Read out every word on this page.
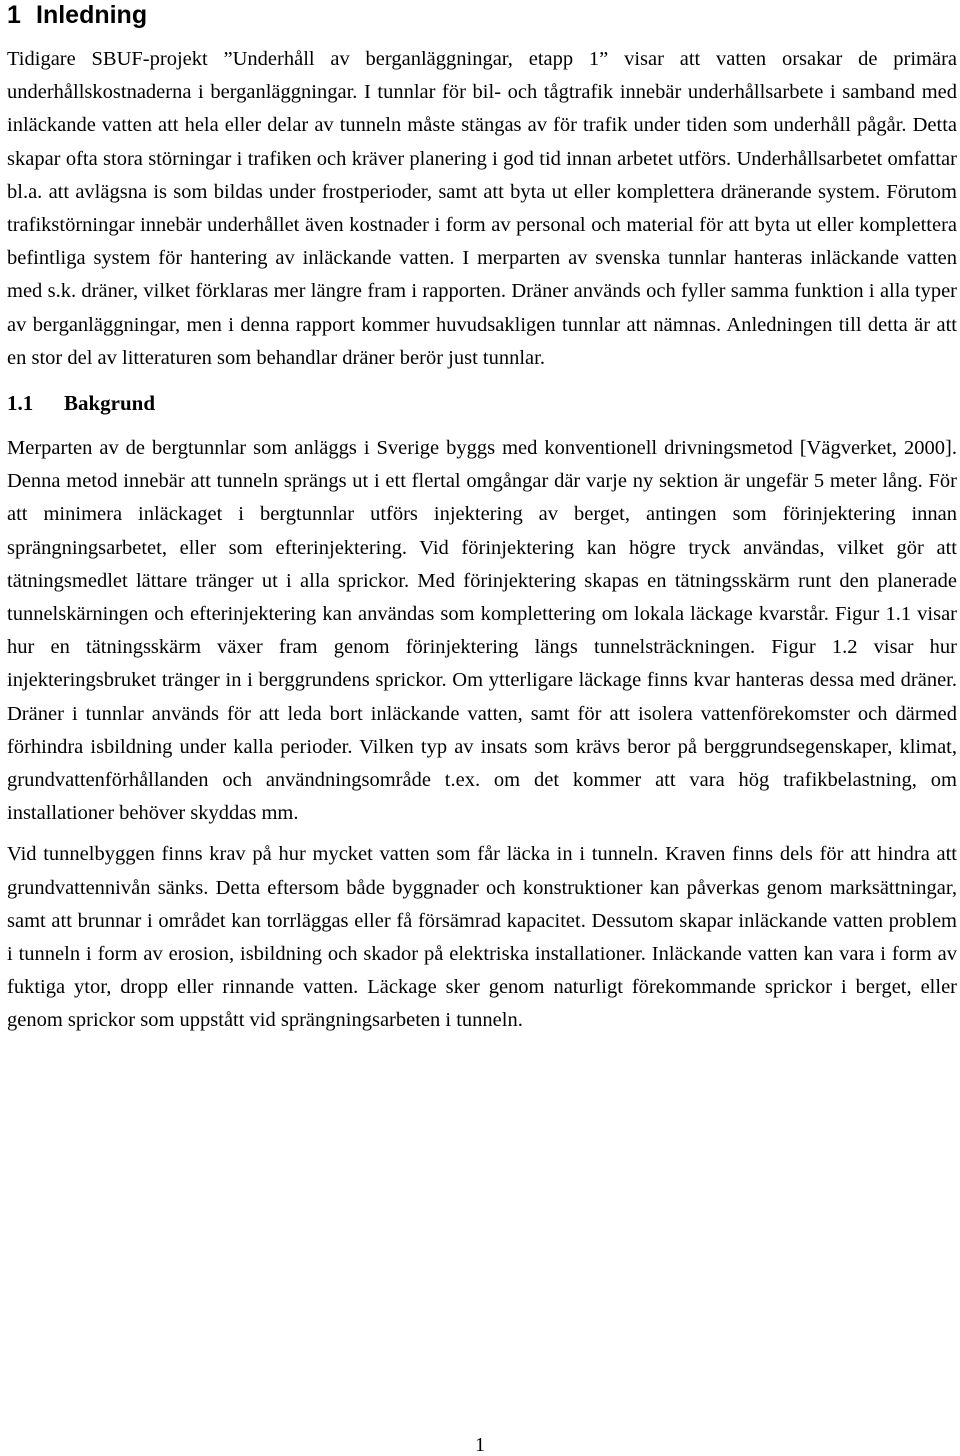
1 Inledning

Tidigare SBUF-projekt ”Underhåll av berganläggningar, etapp 1” visar att vatten orsakar de primära underhållskostnaderna i berganläggningar. I tunnlar för bil- och tågtrafik innebär underhållsarbete i samband med inläckande vatten att hela eller delar av tunneln måste stängas av för trafik under tiden som underhåll pågår. Detta skapar ofta stora störningar i trafiken och kräver planering i god tid innan arbetet utförs. Underhållsarbetet omfattar bl.a. att avlägsna is som bildas under frostperioder, samt att byta ut eller komplettera dränerande system. Förutom trafikstörningar innebär underhållet även kostnader i form av personal och material för att byta ut eller komplettera befintliga system för hantering av inläckande vatten. I merparten av svenska tunnlar hanteras inläckande vatten med s.k. dräner, vilket förklaras mer längre fram i rapporten. Dräner används och fyller samma funktion i alla typer av berganläggningar, men i denna rapport kommer huvudsakligen tunnlar att nämnas. Anledningen till detta är att en stor del av litteraturen som behandlar dräner berör just tunnlar.

1.1 Bakgrund

Merparten av de bergtunnlar som anläggs i Sverige byggs med konventionell drivningsmetod [Vägverket, 2000]. Denna metod innebär att tunneln sprängs ut i ett flertal omgångar där varje ny sektion är ungefär 5 meter lång. För att minimera inläckaget i bergtunnlar utförs injektering av berget, antingen som förinjektering innan sprängningsarbetet, eller som efterinjektering. Vid förinjektering kan högre tryck användas, vilket gör att tätningsmedlet lättare tränger ut i alla sprickor. Med förinjektering skapas en tätningsskärm runt den planerade tunnelskärningen och efterinjektering kan användas som komplettering om lokala läckage kvarstår. Figur 1.1 visar hur en tätningsskärm växer fram genom förinjektering längs tunnelsträckningen. Figur 1.2 visar hur injekteringsbruket tränger in i berggrundens sprickor. Om ytterligare läckage finns kvar hanteras dessa med dräner. Dräner i tunnlar används för att leda bort inläckande vatten, samt för att isolera vattenförekomster och därmed förhindra isbildning under kalla perioder. Vilken typ av insats som krävs beror på berggrundsegenskaper, klimat, grundvattenförhållanden och användningsområde t.ex. om det kommer att vara hög trafikbelastning, om installationer behöver skyddas mm.

Vid tunnelbyggen finns krav på hur mycket vatten som får läcka in i tunneln. Kraven finns dels för att hindra att grundvattennivån sänks. Detta eftersom både byggnader och konstruktioner kan påverkas genom marksättningar, samt att brunnar i området kan torrläggas eller få försämrad kapacitet. Dessutom skapar inläckande vatten problem i tunneln i form av erosion, isbildning och skador på elektriska installationer. Inläckande vatten kan vara i form av fuktiga ytor, dropp eller rinnande vatten. Läckage sker genom naturligt förekommande sprickor i berget, eller genom sprickor som uppstått vid sprängningsarbeten i tunneln.

1
